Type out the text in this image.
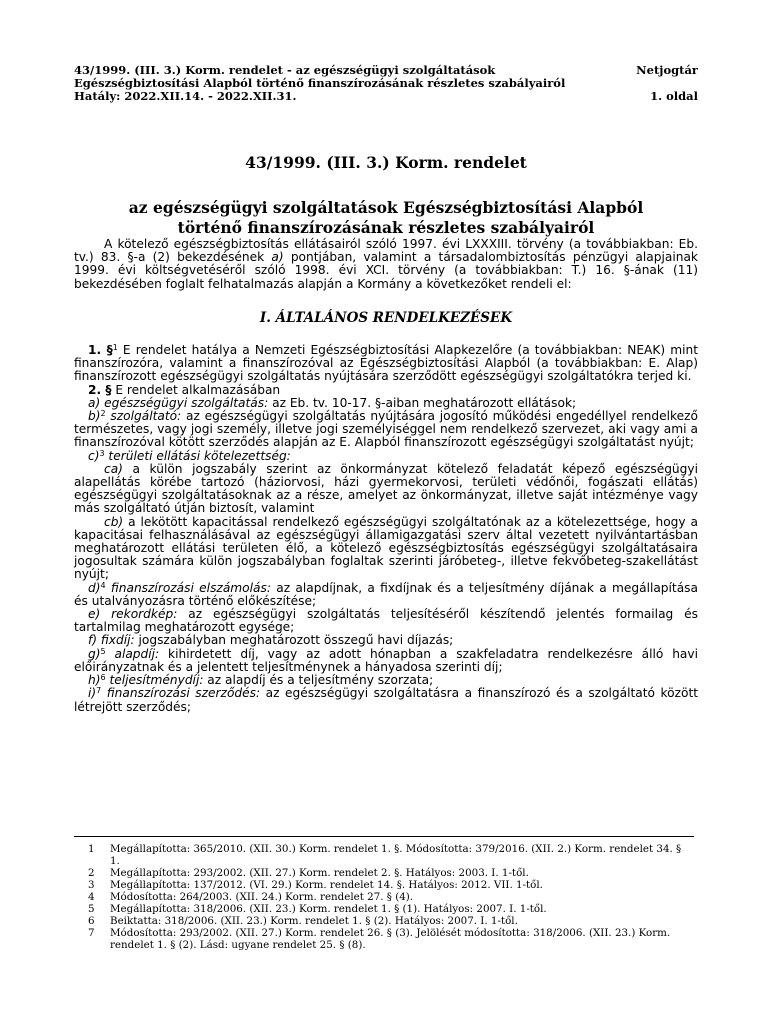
43/1999. (III. 3.) Korm. rendelet - az egészségügyi szolgáltatások
Egészségbiztosítási Alapból történő finanszírozásának részletes szabályairól
Hatály: 2022.XII.14. - 2022.XII.31.
Netjogtár
1. oldal
43/1999. (III. 3.) Korm. rendelet
az egészségügyi szolgáltatások Egészségbiztosítási Alapból
történő finanszírozásának részletes szabályairól

A kötelező egészségbiztosítás ellátásairól szóló 1997. évi LXXXIII. törvény (a továbbiakban: Eb. tv.) 83. §-a (2) bekezdésének a) pontjában, valamint a társadalombiztosítás pénzügyi alapjainak 1999. évi költségvetéséről szóló 1998. évi XCI. törvény (a továbbiakban: T.) 16. §-ának (11) bekezdésében foglalt felhatalmazás alapján a Kormány a következőket rendeli el:

I. ÁLTALÁNOS RENDELKEZÉSEK

1. §$^1$ E rendelet hatálya a Nemzeti Egészségbiztosítási Alapkezelőre (a továbbiakban: NEAK) mint finanszírozóra, valamint a finanszírozóval az Egészségbiztosítási Alapból (a továbbiakban: E. Alap) finanszírozott egészségügyi szolgáltatás nyújtására szerződött egészségügyi szolgáltatókra terjed ki.

2. § E rendelet alkalmazásában

a) egészségügyi szolgáltatás: az Eb. tv. 10-17. §-aiban meghatározott ellátások;

b)$^2$ szolgáltató: az egészségügyi szolgáltatás nyújtására jogosító működési engedéllyel rendelkező természetes, vagy jogi személy, illetve jogi személyiséggel nem rendelkező szervezet, aki vagy ami a finanszírozóval kötött szerződés alapján az E. Alapból finanszírozott egészségügyi szolgáltatást nyújt;

c)$^3$ területi ellátási kötelezettség:

ca) a külön jogszabály szerint az önkormányzat kötelező feladatát képező egészségügyi alapellátás körébe tartozó (háziorvosi, házi gyermekorvosi, területi védőnői, fogászati ellátás) egészségügyi szolgáltatásoknak az a része, amelyet az önkormányzat, illetve saját intézménye vagy más szolgáltató útján biztosít, valamint

cb) a lekötött kapacitással rendelkező egészségügyi szolgáltatónak az a kötelezettsége, hogy a kapacitásai felhasználásával az egészségügyi államigazgatási szerv által vezetett nyilvántartásban meghatározott ellátási területen élő, a kötelező egészségbiztosítás egészségügyi szolgáltatásaira jogosultak számára külön jogszabályban foglaltak szerinti járóbeteg-, illetve fekvőbeteg-szakellátást nyújt;

d)$^4$ finanszírozási elszámolás: az alapdíjnak, a fixdíjnak és a teljesítmény díjának a megállapítása és utalványozásra történő előkészítése;

e) rekordkép: az egészségügyi szolgáltatás teljesítéséről készítendő jelentés formailag és tartalmilag meghatározott egysége;

f) fixdíj: jogszabályban meghatározott összegű havi díjazás;

g)$^5$ alapdíj: kihirdetett díj, vagy az adott hónapban a szakfeladatra rendelkezésre álló havi előirányzatnak és a jelentett teljesítménynek a hányadosa szerinti díj;

h)$^6$ teljesítménydíj: az alapdíj és a teljesítmény szorzata;

i)$^7$ finanszírozási szerződés: az egészségügyi szolgáltatásra a finanszírozó és a szolgáltató között létrejött szerződés;

1	Megállapította: 365/2010. (XII. 30.) Korm. rendelet 1. §. Módosította: 379/2016. (XII. 2.) Korm. rendelet 34. § 1.
2	Megállapította: 293/2002. (XII. 27.) Korm. rendelet 2. §. Hatályos: 2003. I. 1-től.
3	Megállapította: 137/2012. (VI. 29.) Korm. rendelet 14. §. Hatályos: 2012. VII. 1-től.
4	Módosította: 264/2003. (XII. 24.) Korm. rendelet 27. § (4).
5	Megállapította: 318/2006. (XII. 23.) Korm. rendelet 1. § (1). Hatályos: 2007. I. 1-től.
6	Beiktatta: 318/2006. (XII. 23.) Korm. rendelet 1. § (2). Hatályos: 2007. I. 1-től.
7	Módosította: 293/2002. (XII. 27.) Korm. rendelet 26. § (3). Jelölését módosította: 318/2006. (XII. 23.) Korm. rendelet 1. § (2). Lásd: ugyane rendelet 25. § (8).
